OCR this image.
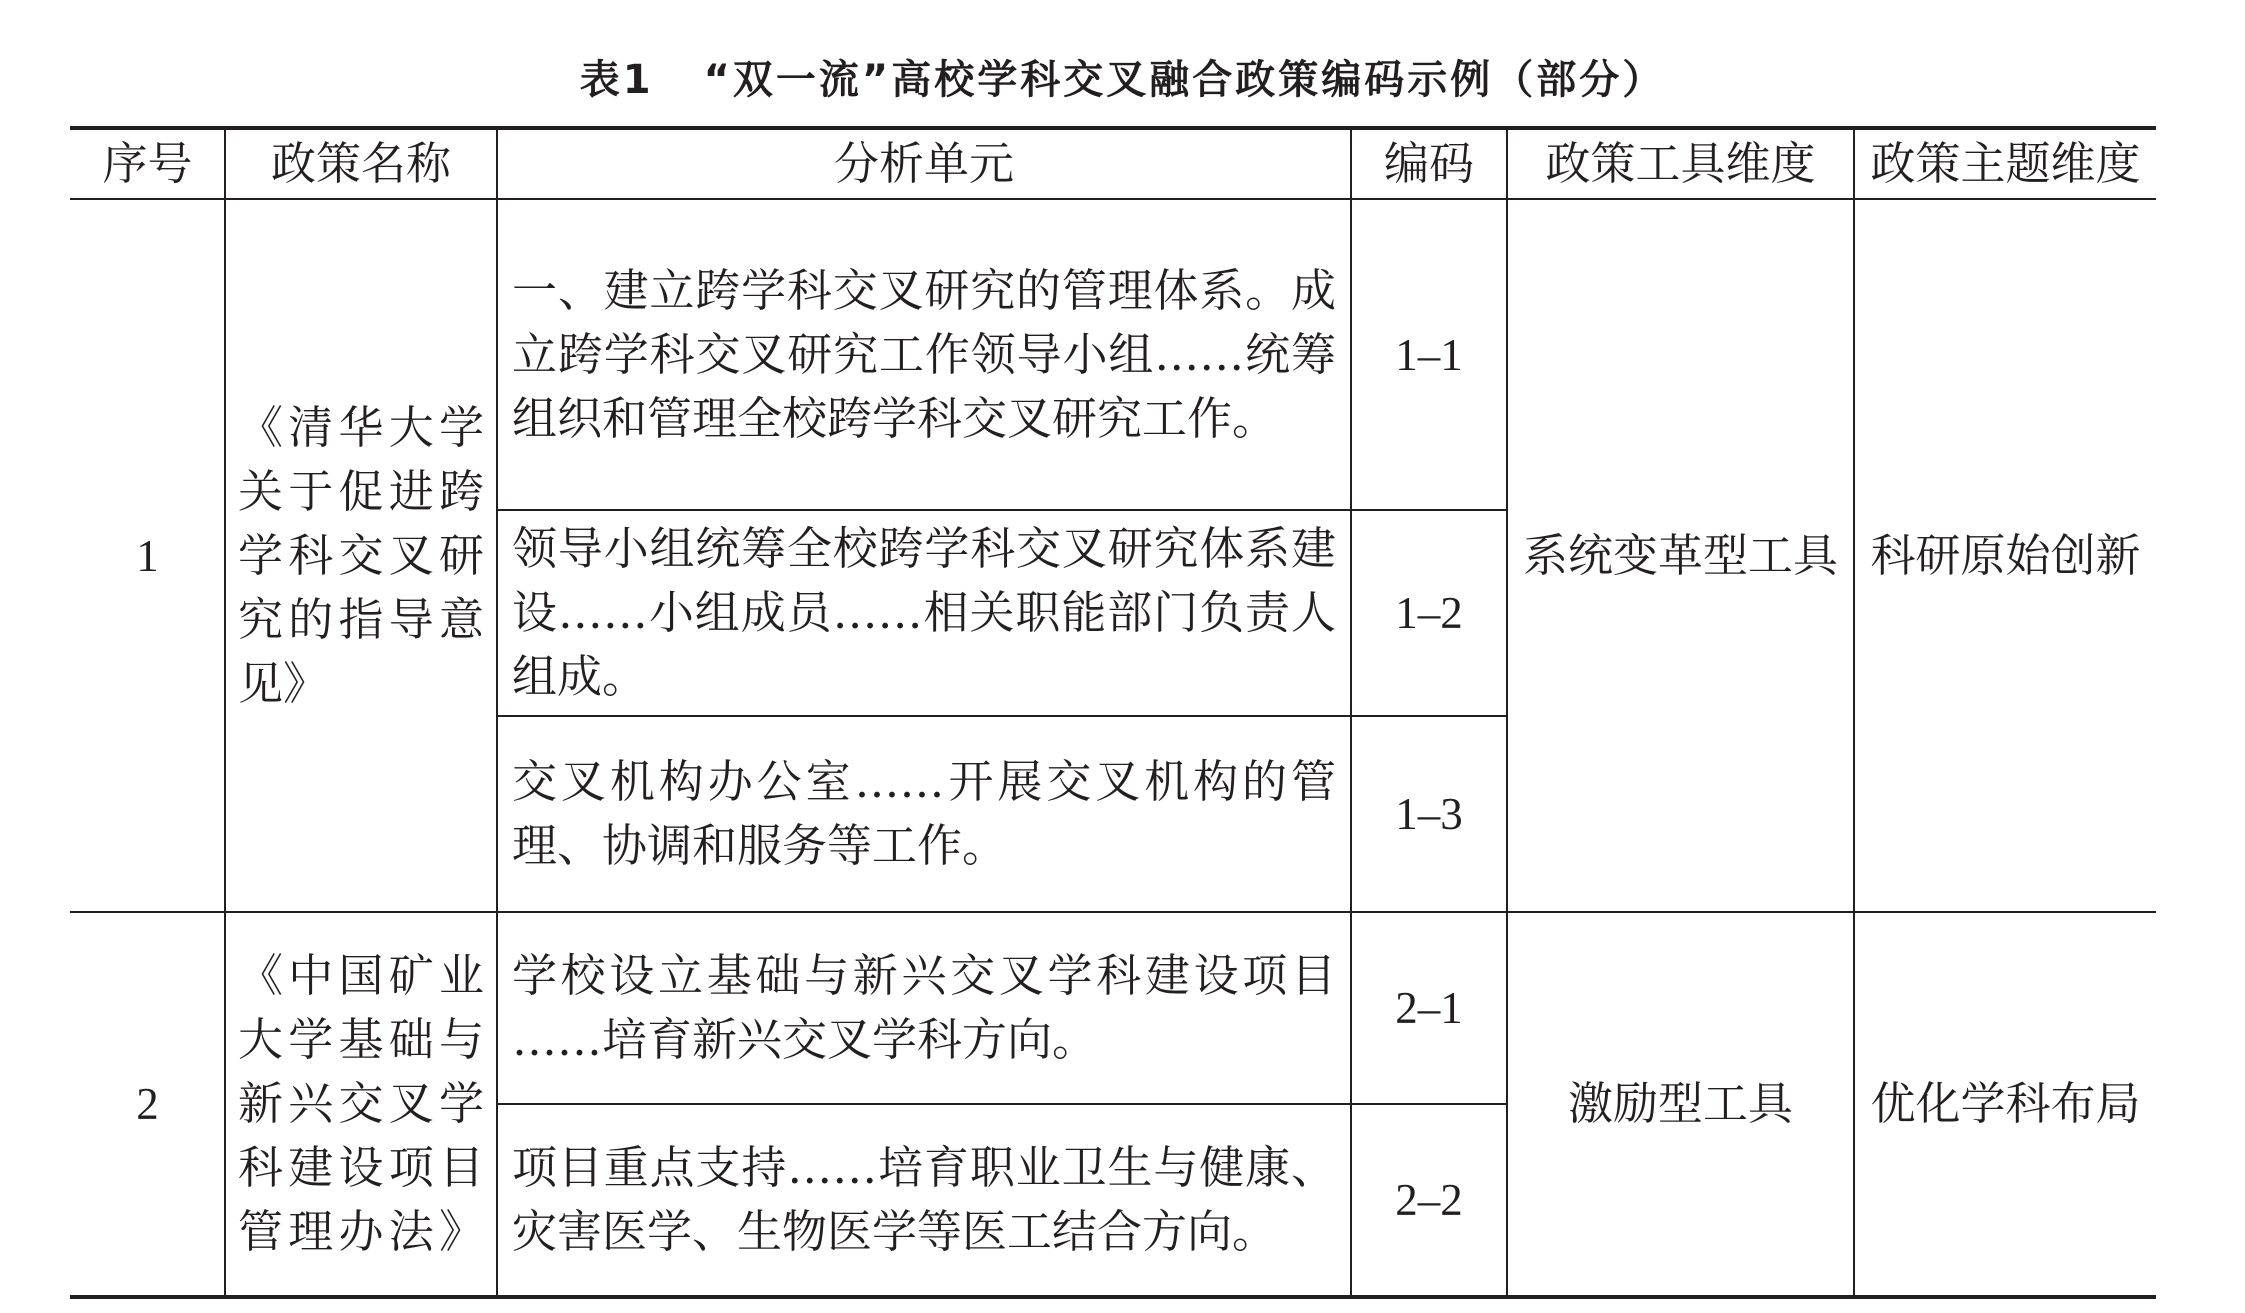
表1 “双一流”高校学科交叉融合政策编码示例（部分）
序号 政策名称	分析单元	编码 政策工具维度 政策主题维度
1
《清华大学
关于促进跨
学科交叉研
究的指导意
见》
一、建立跨学科交叉研究的管理体系。成
立跨学科交叉研究工作领导小组……统筹
组织和管理全校跨学科交叉研究工作。
1–1
领导小组统筹全校跨学科交叉研究体系建
设……小组成员……相关职能部门负责人
组成。
1–2
交叉机构办公室……开展交叉机构的管
理、协调和服务等工作。
1–3
系统变革型工具 科研原始创新
2
《中国矿业
大学基础与
新兴交叉学
科建设项目
管理办法》
学校设立基础与新兴交叉学科建设项目
……培育新兴交叉学科方向。
2–1
项目重点支持……培育职业卫生与健康、
灾害医学、生物医学等医工结合方向。
2–2
激励型工具 优化学科布局
